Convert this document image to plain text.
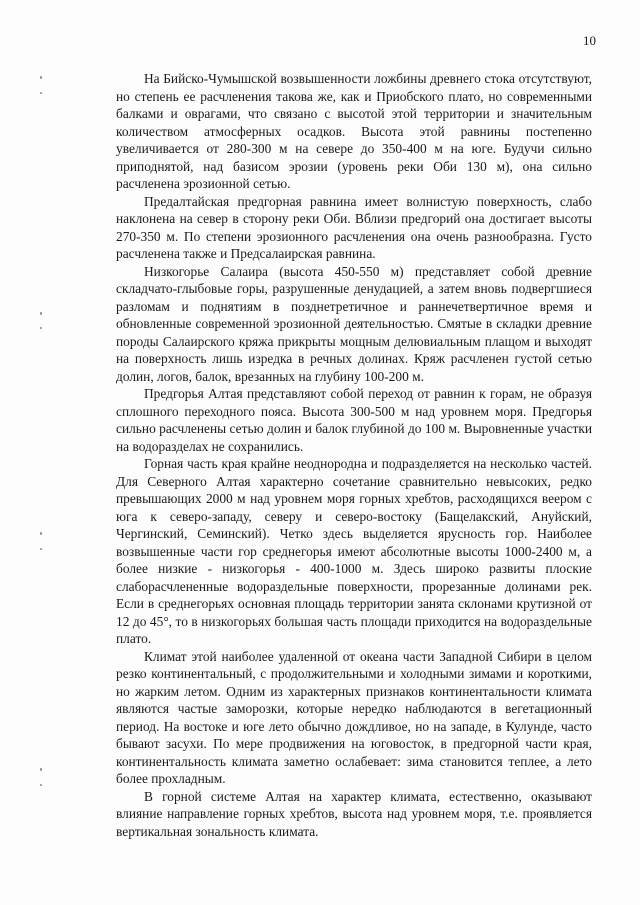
10

На Бийско-Чумышской возвышенности ложбины древнего стока отсутствуют, но степень ее расчленения такова же, как и Приобского плато, но современными балками и оврагами, что связано с высотой этой территории и значительным количеством атмосферных осадков. Высота этой равнины постепенно увеличивается от 280-300 м на севере до 350-400 м на юге. Будучи сильно приподнятой, над базисом эрозии (уровень реки Оби 130 м), она сильно расчленена эрозионной сетью.

Предалтайская предгорная равнина имеет волнистую поверхность, слабо наклонена на север в сторону реки Оби. Вблизи предгорий она достигает высоты 270-350 м. По степени эрозионного расчленения она очень разнообразна. Густо расчленена также и Предсалаирская равнина.

Низкогорье Салаира (высота 450-550 м) представляет собой древние складчато-глыбовые горы, разрушенные денудацией, а затем вновь подвергшиеся разломам и поднятиям в позднетретичное и раннечетвертичное время и обновленные современной эрозионной деятельностью. Смятые в складки древние породы Салаирского кряжа прикрыты мощным делювиальным плащом и выходят на поверхность лишь изредка в речных долинах. Кряж расчленен густой сетью долин, логов, балок, врезанных на глубину 100-200 м.

Предгорья Алтая представляют собой переход от равнин к горам, не образуя сплошного переходного пояса. Высота 300-500 м над уровнем моря. Предгорья сильно расчленены сетью долин и балок глубиной до 100 м. Выровненные участки на водоразделах не сохранились.

Горная часть края крайне неоднородна и подразделяется на несколько частей. Для Северного Алтая характерно сочетание сравнительно невысоких, редко превышающих 2000 м над уровнем моря горных хребтов, расходящихся веером с юга к северо-западу, северу и северо-востоку (Бащелакский, Ануйский, Чергинский, Семинский). Четко здесь выделяется ярусность гор. Наиболее возвышенные части гор среднегорья имеют абсолютные высоты 1000-2400 м, а более низкие - низкогорья - 400-1000 м. Здесь широко развиты плоские слаборасчлененные водораздельные поверхности, прорезанные долинами рек. Если в среднегорьях основная площадь территории занята склонами крутизной от 12 до 45°, то в низкогорьях большая часть площади приходится на водораздельные плато.

Климат этой наиболее удаленной от океана части Западной Сибири в целом резко континентальный, с продолжительными и холодными зимами и короткими, но жарким летом. Одним из характерных признаков континентальности климата являются частые заморозки, которые нередко наблюдаются в вегетационный период. На востоке и юге лето обычно дождливое, но на западе, в Кулунде, часто бывают засухи. По мере продвижения на юговосток, в предгорной части края, континентальность климата заметно ослабевает: зима становится теплее, а лето более прохладным.

В горной системе Алтая на характер климата, естественно, оказывают влияние направление горных хребтов, высота над уровнем моря, т.е. проявляется вертикальная зональность климата.
